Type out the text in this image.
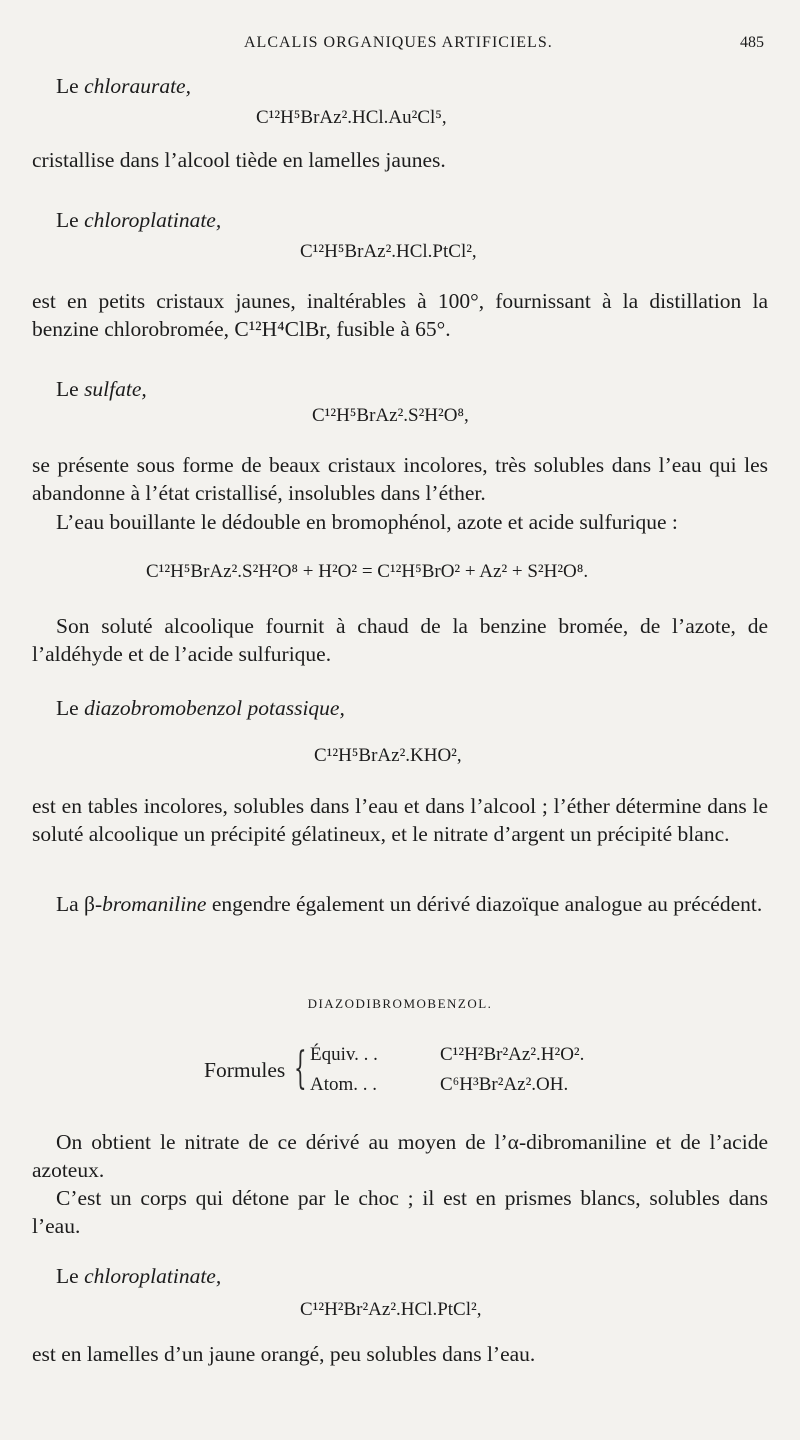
ALCALIS ORGANIQUES ARTIFICIELS.	485
Le chloraurate,
C¹²H⁵BrAz².HCl.Au²Cl⁵,
cristallise dans l’alcool tiède en lamelles jaunes.
Le chloroplatinate,
C¹²H⁵BrAz².HCl.PtCl²,
est en petits cristaux jaunes, inaltérables à 100°, fournissant à la distillation la benzine chlorobromée, C¹²H⁴ClBr, fusible à 65°.
Le sulfate,
C¹²H⁵BrAz².S²H²O⁸,
se présente sous forme de beaux cristaux incolores, très solubles dans l’eau qui les abandonne à l’état cristallisé, insolubles dans l’éther.
L’eau bouillante le dédouble en bromophénol, azote et acide sulfurique :
C¹²H⁵BrAz².S²H²O⁸ + H²O² = C¹²H⁵BrO² + Az² + S²H²O⁸.
Son soluté alcoolique fournit à chaud de la benzine bromée, de l’azote, de l’aldéhyde et de l’acide sulfurique.
Le diazobromobenzol potassique,
C¹²H⁵BrAz².KHO²,
est en tables incolores, solubles dans l’eau et dans l’alcool ; l’éther détermine dans le soluté alcoolique un précipité gélatineux, et le nitrate d’argent un précipité blanc.
La β-bromaniline engendre également un dérivé diazoïque analogue au précédent.
DIAZODIBROMOBENZOL.
Formules { Équiv. . .	C¹²H²Br²Az².H²O².
Atom. . .	C⁶H³Br²Az².OH.
On obtient le nitrate de ce dérivé au moyen de l’α-dibromaniline et de l’acide azoteux.
C’est un corps qui détone par le choc ; il est en prismes blancs, solubles dans l’eau.
Le chloroplatinate,
C¹²H²Br²Az².HCl.PtCl²,
est en lamelles d’un jaune orangé, peu solubles dans l’eau.
